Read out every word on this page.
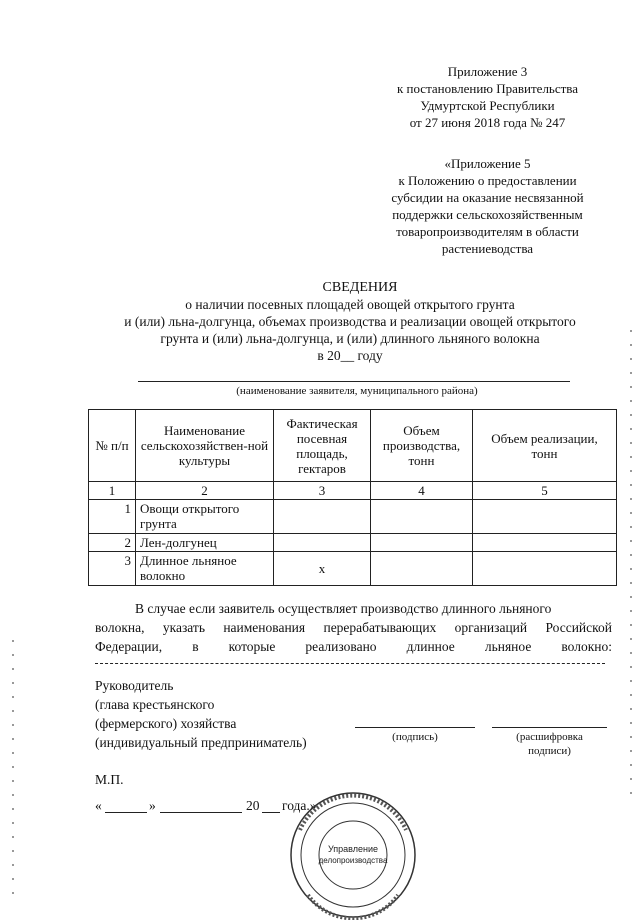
Приложение 3
к постановлению Правительства
Удмуртской Республики
от 27 июня 2018 года № 247
«Приложение 5
к Положению о предоставлении
субсидии на оказание несвязанной
поддержки сельскохозяйственным
товаропроизводителям в области
растениеводства
СВЕДЕНИЯ
о наличии посевных площадей овощей открытого грунта
и (или) льна-долгунца, объемах производства и реализации овощей открытого
грунта и (или) льна-долгунца, и (или) длинного льняного волокна
в 20__ году
(наименование заявителя, муниципального района)
№ п/п	Наименование сельскохозяйствен-ной культуры	Фактическая посевная площадь, гектаров	Объем производства, тонн	Объем реализации, тонн
1	2	3	4	5
1	Овощи открытого грунта			
2	Лен-долгунец			
3	Длинное льняное волокно	х		
В случае если заявитель осуществляет производство длинного льняного
волокна, указать наименования перерабатывающих организаций Российской
Федерации, в которые реализовано длинное льняное волокно:
Руководитель
(глава крестьянского
(фермерского) хозяйства
(индивидуальный предприниматель)	(подпись)	(расшифровка
подписи)
М.П.
«	»	20 года.»
Управление
делопроизводства
